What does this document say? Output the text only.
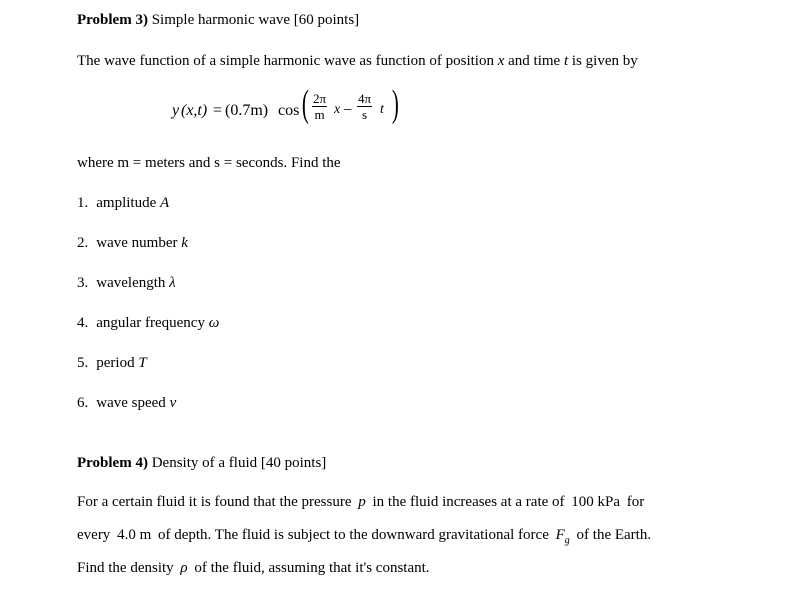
Problem 3) Simple harmonic wave [60 points]
The wave function of a simple harmonic wave as function of position x and time t is given by
y (x,t) = (0.7m) cos ( $\frac{2\pi}{m}$ $x - \frac{4\pi}{s}$ t )
where m = meters and s = seconds. Find the
1. amplitude A
2. wave number k
3. wavelength λ
4. angular frequency ω
5. period T
6. wave speed v
Problem 4) Density of a fluid [40 points]
For a certain fluid it is found that the pressure p in the fluid increases at a rate of 100 kPa for
every 4.0 m of depth. The fluid is subject to the downward gravitational force $F_g$ of the Earth.
Find the density ρ of the fluid, assuming that it's constant.
